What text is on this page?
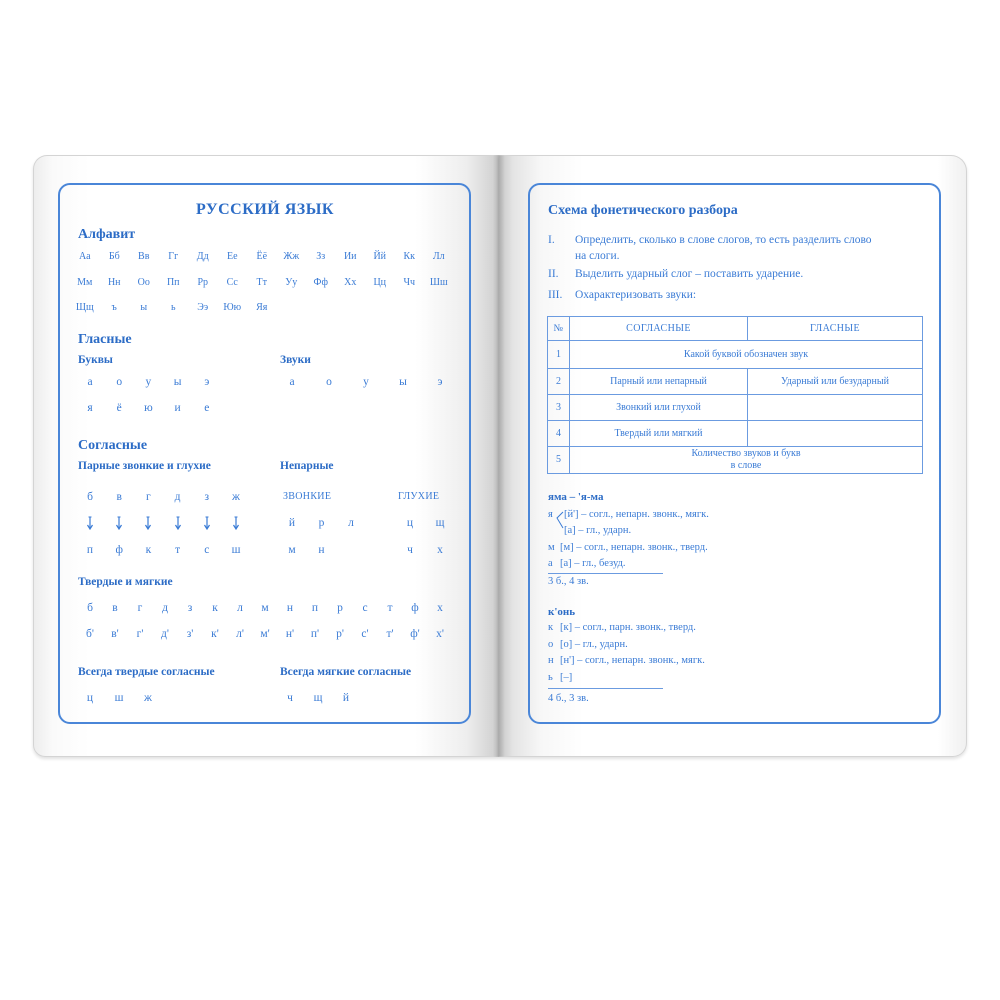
РУССКИЙ ЯЗЫК
Алфавит
Гласные
Буквы	Звуки
Согласные
Парные звонкие и глухие	Непарные
ЗВОНКИЕ	ГЛУХИЕ
Твердые и мягкие
Всегда твердые согласные	Всегда мягкие согласные
Аа Бб Вв Гг Дд Ее Ёё Жж Зз Ии Йй Кк Лл
Мм Нн Оо Пп Рр Сс Тт Уу Фф Хх Цц Чч Шш
Щщ ъ ы ь Ээ Юю Яя
а о у ы э
я ё ю и е
а	о	у	ы	э
б в г д з ж
п ф к т с ш
й р л
м н
ц щ
ч х
б в г д з к л м н п р с т ф х
б' в' г' д' з' к' л' м' н' п' р' с' т' ф' х'
ц ш ж	ч щ й
Схема фонетического разбора
I. Определить, сколько в слове слогов, то есть разделить слово
на слоги.
II. Выделить ударный слог – поставить ударение.
III. Охарактеризовать звуки:
№	СОГЛАСНЫЕ	ГЛАСНЫЕ
1	Какой буквой обозначен звук	
2	Парный или непарный	Ударный или безударный
3	Звонкий или глухой	
4	Твердый или мягкий	
5	Количество звуков и букв
в слове	
яма – 'я-ма
я [й'] – согл., непарн. звонк., мягк.
[а] – гл., ударн.
м [м] – согл., непарн. звонк., тверд.
а [а] – гл., безуд.
3 б., 4 зв.
к'онь
к [к] – согл., парн. звонк., тверд.
о [о] – гл., ударн.
н [н'] – согл., непарн. звонк., мягк.
ь [–]
4 б., 3 зв.
